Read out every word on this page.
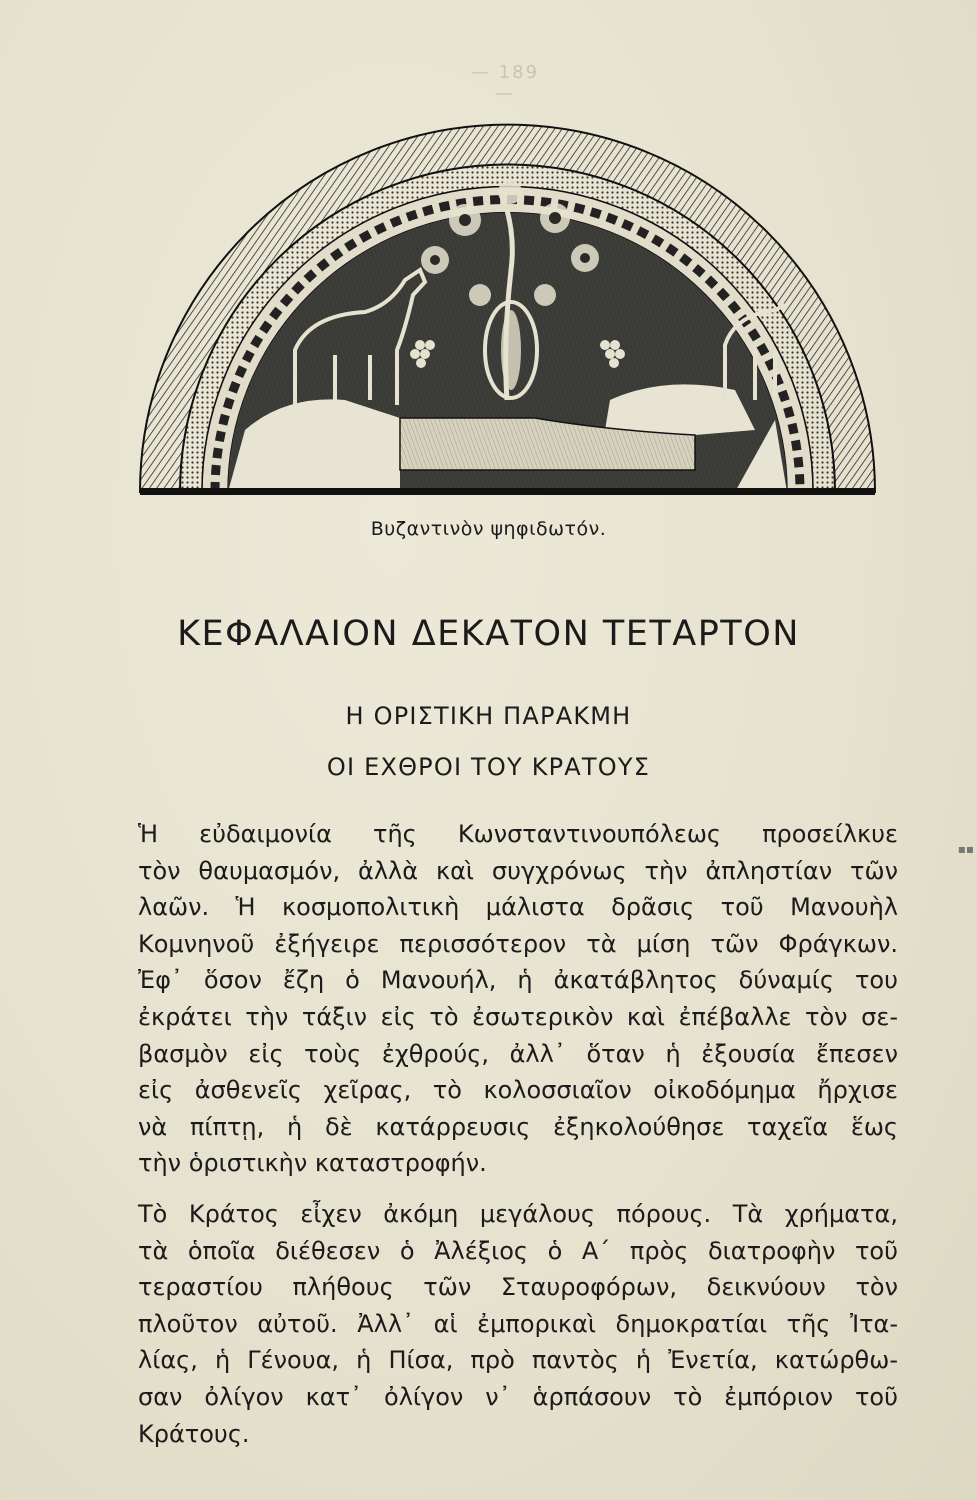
— 189 —
Βυζαντινὸν ψηφιδωτόν.
ΚΕΦΑΛΑΙΟΝ ΔΕΚΑΤΟΝ ΤΕΤΑΡΤΟΝ
Η ΟΡΙΣΤΙΚΗ ΠΑΡΑΚΜΗ
ΟΙ ΕΧΘΡΟΙ ΤΟΥ ΚΡΑΤΟΥΣ
Ἡ εὐδαιμονία τῆς Κωνσταντινουπόλεως προσείλκυε
τὸν θαυμασμόν, ἀλλὰ καὶ συγχρόνως τὴν ἀπληστίαν τῶν
λαῶν. Ἡ κοσμοπολιτικὴ μάλιστα δρᾶσις τοῦ Μανουὴλ
Κομνηνοῦ ἐξήγειρε περισσότερον τὰ μίση τῶν Φράγκων.
Ἐφ᾽ ὅσον ἔζη ὁ Μανουήλ, ἡ ἀκατάβλητος δύναμίς του
ἐκράτει τὴν τάξιν εἰς τὸ ἐσωτερικὸν καὶ ἐπέβαλλε τὸν σε-
βασμὸν εἰς τοὺς ἐχθρούς, ἀλλ᾽ ὅταν ἡ ἐξουσία ἔπεσεν
εἰς ἀσθενεῖς χεῖρας, τὸ κολοσσιαῖον οἰκοδόμημα ἤρχισε
νὰ πίπτῃ, ἡ δὲ κατάρρευσις ἐξηκολούθησε ταχεῖα ἕως
τὴν ὁριστικὴν καταστροφήν.
Τὸ Κράτος εἶχεν ἀκόμη μεγάλους πόρους. Τὰ χρήματα,
τὰ ὁποῖα διέθεσεν ὁ Ἀλέξιος ὁ Α΄ πρὸς διατροφὴν τοῦ
τεραστίου πλήθους τῶν Σταυροφόρων, δεικνύουν τὸν
πλοῦτον αὐτοῦ. Ἀλλ᾽ αἱ ἐμπορικαὶ δημοκρατίαι τῆς Ἰτα-
λίας, ἡ Γένουα, ἡ Πίσα, πρὸ παντὸς ἡ Ἐνετία, κατώρθω-
σαν ὀλίγον κατ᾽ ὀλίγον ν᾽ ἁρπάσουν τὸ ἐμπόριον τοῦ
Κράτους.
▪▪
